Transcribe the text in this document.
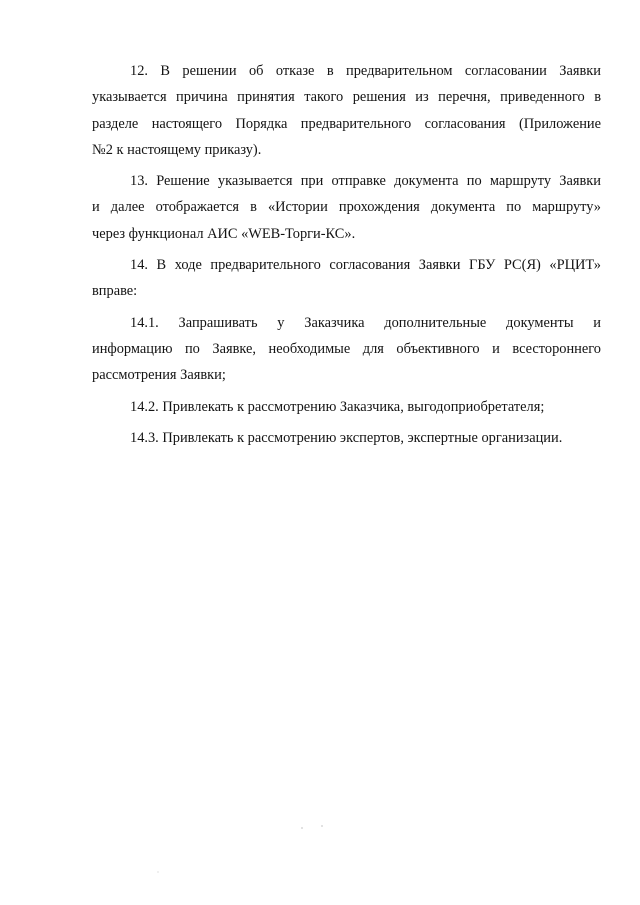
12. В решении об отказе в предварительном согласовании Заявки
указывается причина принятия такого решения из перечня, приведенного в
разделе настоящего Порядка предварительного согласования (Приложение
№2 к настоящему приказу).

13. Решение указывается при отправке документа по маршруту Заявки
и далее отображается в «Истории прохождения документа по маршруту»
через функционал АИС «WEB-Торги-КС».

14. В ходе предварительного согласования Заявки ГБУ РС(Я) «РЦИТ»
вправе:

14.1. Запрашивать у Заказчика дополнительные документы и
информацию по Заявке, необходимые для объективного и всестороннего
рассмотрения Заявки;

14.2. Привлекать к рассмотрению Заказчика, выгодоприобретателя;

14.3. Привлекать к рассмотрению экспертов, экспертные организации.
